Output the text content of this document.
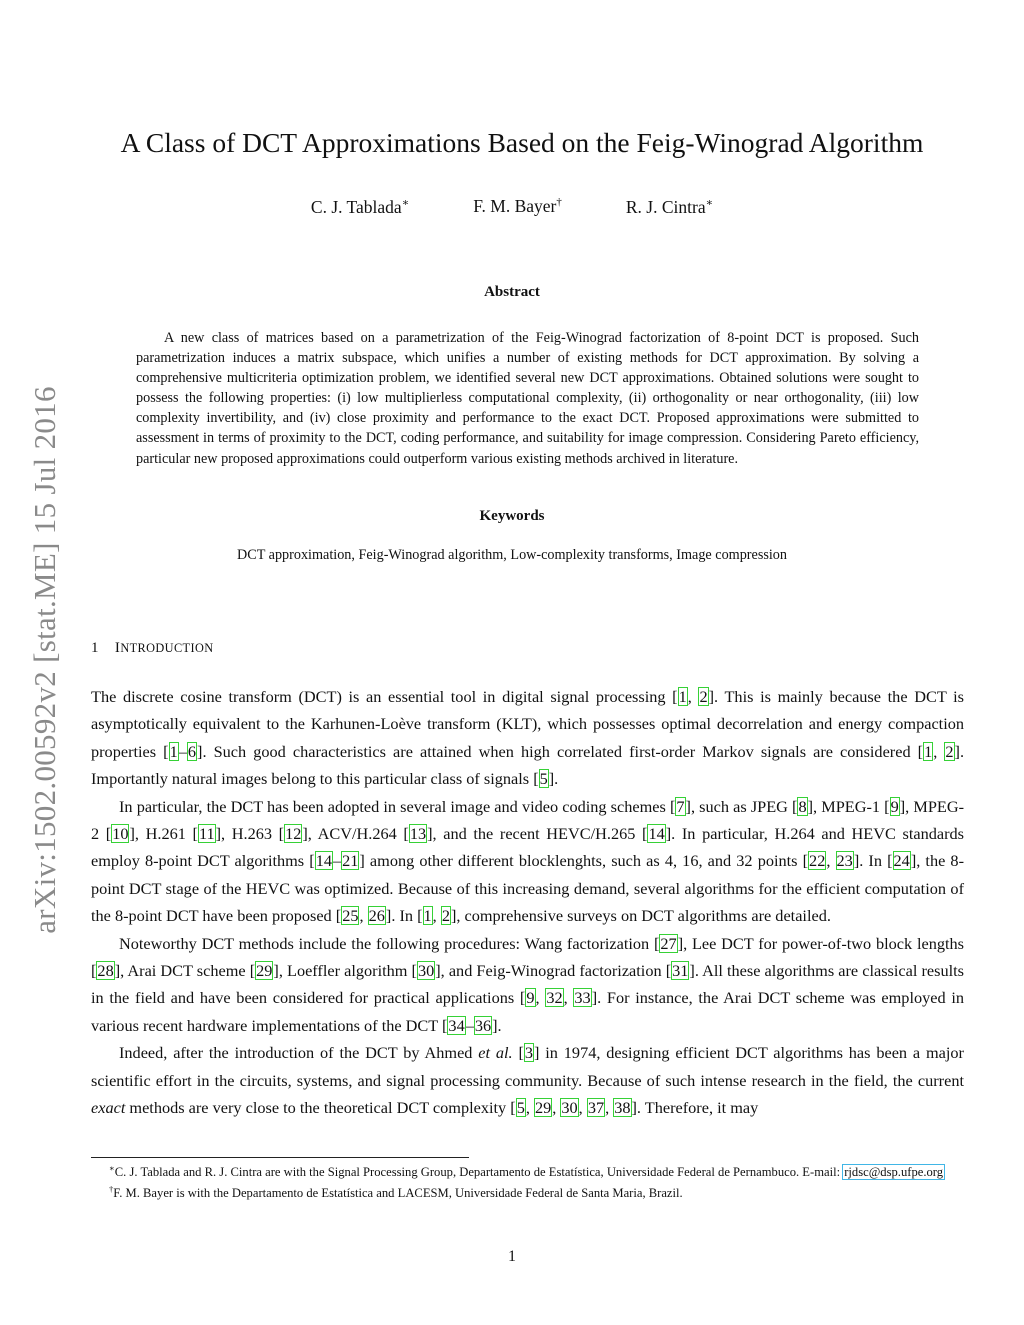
arXiv:1502.00592v2 [stat.ME] 15 Jul 2016
A Class of DCT Approximations Based on the Feig-Winograd Algorithm
C. J. Tablada∗	F. M. Bayer†	R. J. Cintra∗
Abstract

A new class of matrices based on a parametrization of the Feig-Winograd factorization of 8-point DCT is proposed. Such parametrization induces a matrix subspace, which unifies a number of existing methods for DCT approximation. By solving a comprehensive multicriteria optimization problem, we identified several new DCT approximations. Obtained solutions were sought to possess the following properties: (i) low multiplierless computational complexity, (ii) orthogonality or near orthogonality, (iii) low complexity invertibility, and (iv) close proximity and performance to the exact DCT. Proposed approximations were submitted to assessment in terms of proximity to the DCT, coding performance, and suitability for image compression. Considering Pareto efficiency, particular new proposed approximations could outperform various existing methods archived in literature.

Keywords
DCT approximation, Feig-Winograd algorithm, Low-complexity transforms, Image compression
1 INTRODUCTION

The discrete cosine transform (DCT) is an essential tool in digital signal processing [1, 2]. This is mainly because the DCT is asymptotically equivalent to the Karhunen-Loève transform (KLT), which possesses optimal decorrelation and energy compaction properties [1–6]. Such good characteristics are attained when high correlated first-order Markov signals are considered [1, 2]. Importantly natural images belong to this particular class of signals [5].

In particular, the DCT has been adopted in several image and video coding schemes [7], such as JPEG [8], MPEG-1 [9], MPEG-2 [10], H.261 [11], H.263 [12], ACV/H.264 [13], and the recent HEVC/H.265 [14]. In particular, H.264 and HEVC standards employ 8-point DCT algorithms [14–21] among other different blocklenghts, such as 4, 16, and 32 points [22, 23]. In [24], the 8-point DCT stage of the HEVC was optimized. Because of this increasing demand, several algorithms for the efficient computation of the 8-point DCT have been proposed [25, 26]. In [1, 2], comprehensive surveys on DCT algorithms are detailed.

Noteworthy DCT methods include the following procedures: Wang factorization [27], Lee DCT for power-of-two block lengths [28], Arai DCT scheme [29], Loeffler algorithm [30], and Feig-Winograd factorization [31]. All these algorithms are classical results in the field and have been considered for practical applications [9, 32, 33]. For instance, the Arai DCT scheme was employed in various recent hardware implementations of the DCT [34–36].

Indeed, after the introduction of the DCT by Ahmed et al. [3] in 1974, designing efficient DCT algorithms has been a major scientific effort in the circuits, systems, and signal processing community. Because of such intense research in the field, the current exact methods are very close to the theoretical DCT complexity [5, 29, 30, 37, 38]. Therefore, it may

∗C. J. Tablada and R. J. Cintra are with the Signal Processing Group, Departamento de Estatística, Universidade Federal de Pernambuco. E-mail: rjdsc@dsp.ufpe.org

†F. M. Bayer is with the Departamento de Estatística and LACESM, Universidade Federal de Santa Maria, Brazil.

1
